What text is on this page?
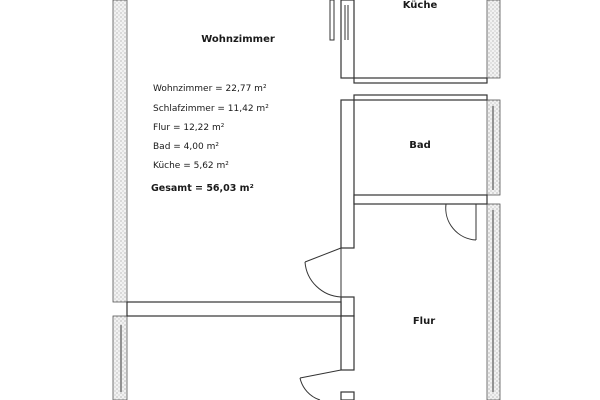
Wohnzimmer
Küche
Bad
Flur
Wohnzimmer = 22,77 m²
Schlafzimmer = 11,42 m²
Flur = 12,22 m²
Bad = 4,00 m²
Küche = 5,62 m²
Gesamt = 56,03 m²
